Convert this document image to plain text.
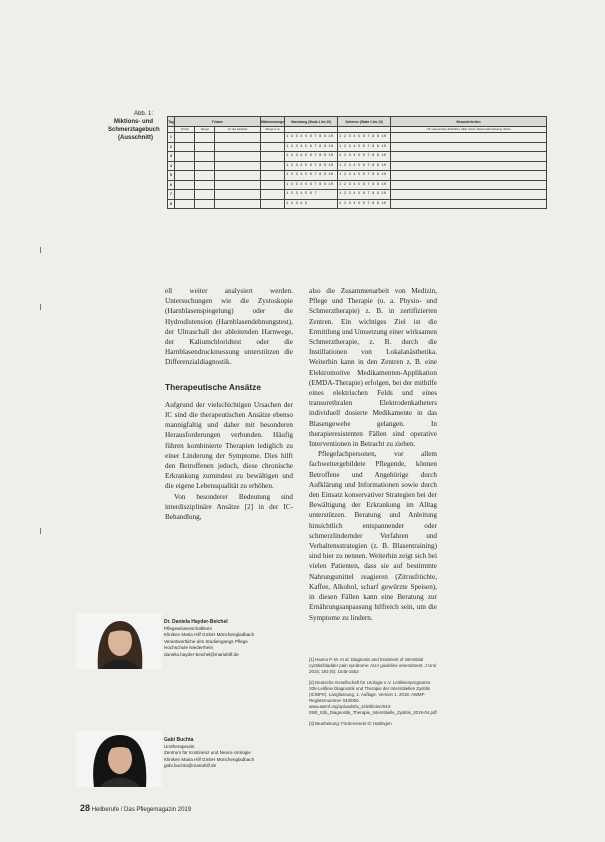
Abb. 1:
Miktions- und
Schmerztagebuch
(Ausschnitt)
Tag	Trinken			Miktionsmenge	Harndrang (Skala 1 bis 10)	Schmerz (Skala 1 bis 10)	Besonderheiten
	Uhrzeit	Menge	Art des Getränks	Menge in ml			z.B. Lebensmittel, Aktivitäten, Kälte, Sitzen, Menstruationsblutung, Stress
1					1 2 3 4 5 6 7 8 9 10	1 2 3 4 5 6 7 8 9 10	
2					1 2 3 4 5 6 7 8 9 10	1 2 3 4 5 6 7 8 9 10	
3					1 2 3 4 5 6 7 8 9 10	1 2 3 4 5 6 7 8 9 10	
4					1 2 3 4 5 6 7 8 9 10	1 2 3 4 5 6 7 8 9 10	
5					1 2 3 4 5 6 7 8 9 10	1 2 3 4 5 6 7 8 9 10	
6					1 2 3 4 5 6 7 8 9 10	1 2 3 4 5 6 7 8 9 10	
7					1 2 3 4 5 6 7	1 2 3 4 5 6 7 8 9 10	
8					1 2 3 4 5	1 2 3 4 5 6 7 8 9 10	

ell weiter analysiert werden. Untersuchungen wie die Zystoskopie (Harnblasenspiegelung) oder die Hydrodistension (Harnblasendehnungstest), der Ultraschall der ableitenden Harnwege, der Kaliumchloridtest oder die Harnblasendruckmessung unterstützen die Differenzialdiagnostik.

Therapeutische Ansätze

Aufgrund der vielschichtigen Ursachen der IC sind die therapeutischen Ansätze ebenso mannigfaltig und daher mit besonderen Herausforderungen verbunden. Häufig führen kombinierte Therapien lediglich zu einer Linderung der Symptome. Dies hilft den Betroffenen jedoch, diese chronische Erkrankung zumindest zu bewältigen und die eigene Lebensqualität zu erhöhen.

Von besonderer Bedeutung sind interdisziplinäre Ansätze [2] in der IC-Behandlung,

also die Zusammenarbeit von Medizin, Pflege und Therapie (u. a. Physio- und Schmerztherapie) z. B. in zertifizierten Zentren. Ein wichtiges Ziel ist die Ermittlung und Umsetzung einer wirksamen Schmerztherapie, z. B. durch die Instillationen von Lokalanästhetika. Weiterhin kann in den Zentren z. B. eine Elektromotive Medikamenten-Applikation (EMDA-Therapie) erfolgen, bei der mithilfe eines elektrischen Felds und eines transurethralen Elektrodenkatheters individuell dosierte Medikamente in das Blasengewebe gelangen. In therapieresistenten Fällen sind operative Interventionen in Betracht zu ziehen.

Pflegefachpersonen, vor allem fachweitergebildete Pflegende, können Betroffene und Angehörige durch Aufklärung und Informationen sowie durch den Einsatz konservativer Strategien bei der Bewältigung der Erkrankung im Alltag unterstützen. Beratung und Anleitung hinsichtlich entspannender oder schmerzlindernder Verfahren und Verhaltensstrategien (z. B. Blasentraining) sind hier zu nennen. Weiterhin zeigt sich bei vielen Patienten, dass sie auf bestimmte Nahrungsmittel reagieren (Zitrusfrüchte, Kaffee, Alkohol, scharf gewürzte Speisen), in diesen Fällen kann eine Beratung zur Ernährungsanpassung hilfreich sein, um die Symptome zu lindern.

[1] Hanno P. M. et al. Diagnosis and treatment of interstitial cystitis/bladder pain syndrome: AUA guideline amendment. J Urol 2015; 193 (5): 1545-1553

[2] Deutsche Gesellschaft für Urologie e.V. Leitlinienprogramm. S2k-Leitlinie Diagnostik und Therapie der Interstitiellen Zystitis (IC/BPS). Langfassung, 1. Auflage, Version 1, 2018. AWMF-Registernummer 043/050. www.awmf.org/uploads/tx_szleitlinien/043-050l_S2k_Diagnostik_Therapie_Interstitielle_Zystitis_2019-04.pdf

[3] Bearbeitung: Förderverein IC Hattingen

Dr. Daniela Hayder-Beichel
Pflegewissenschaftlerin
Kliniken Maria Hilf GmbH Mönchengladbach
Verantwortliche des Studiengangs Pflege
Hochschule Niederrhein
daniela.hayder-beichel@mariahilf.de
Gabi Buchta
Urotherapeutin
Zentrum für Kontinenz und Neuro-Urologie
Kliniken Maria Hilf GmbH Mönchengladbach
gabi.buchta@mariahilf.de
28 Heilberufe / Das Pflegemagazin 2019
